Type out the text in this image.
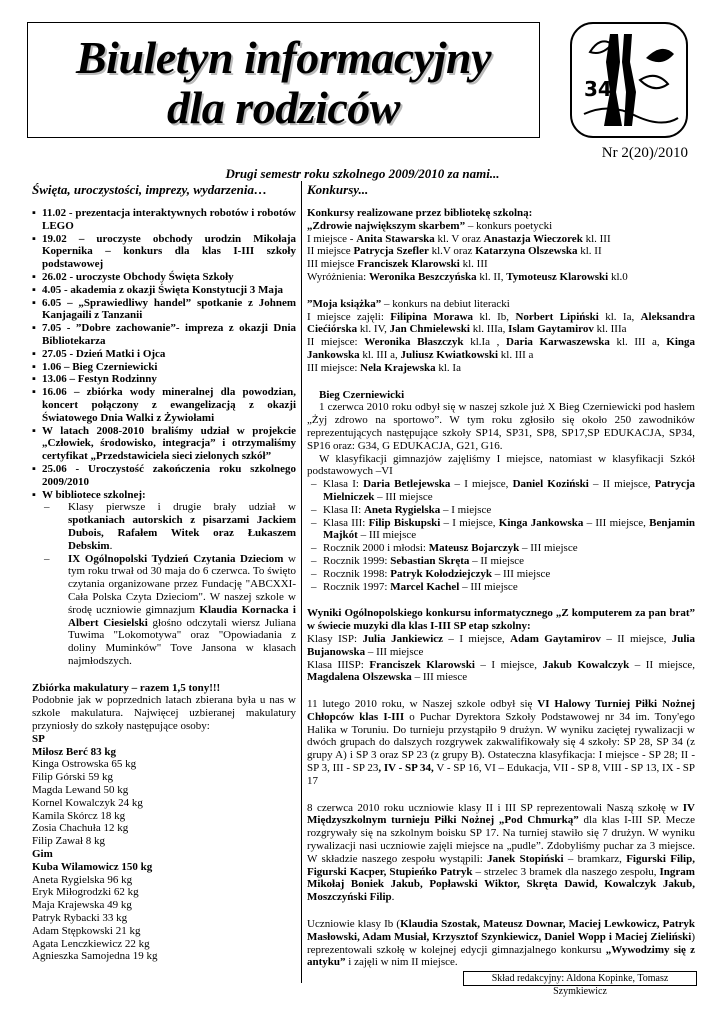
Biuletyn informacyjny
dla rodziców	34
Nr 2(20)/2010
Drugi semestr roku szkolnego 2009/2010 za nami...
Święta, uroczystości, imprezy, wydarzenia…	Konkursy...
▪ 11.02 - prezentacja interaktywnych robotów i robotów LEGO
▪ 19.02 – uroczyste obchody urodzin Mikołaja Kopernika – konkurs dla klas I-III szkoły podstawowej
▪ 26.02 - uroczyste Obchody Święta Szkoły
▪ 4.05 - akademia z okazji Święta Konstytucji 3 Maja
▪ 6.05 – „Sprawiedliwy handel” spotkanie z Johnem Kanjagaili z Tanzanii
▪ 7.05 - ”Dobre zachowanie”- impreza z okazji Dnia Bibliotekarza
▪ 27.05 - Dzień Matki i Ojca
▪ 1.06 – Bieg Czerniewicki
▪ 13.06 – Festyn Rodzinny
▪ 16.06 – zbiórka wody mineralnej dla powodzian, koncert połączony z ewangelizacją z okazji Światowego Dnia Walki z Żywiołami
▪ W latach 2008-2010 braliśmy udział w projekcie „Człowiek, środowisko, integracja” i otrzymaliśmy certyfikat „Przedstawiciela sieci zielonych szkół”
▪ 25.06 - Uroczystość zakończenia roku szkolnego 2009/2010
▪ W bibliotece szkolnej:
– Klasy pierwsze i drugie brały udział w spotkaniach autorskich z pisarzami Jackiem Dubois, Rafałem Witek oraz Łukaszem Debskim.
– IX Ogólnopolski Tydzień Czytania Dzieciom w tym roku trwał od 30 maja do 6 czerwca. To święto czytania organizowane przez Fundację "ABCXXI- Cała Polska Czyta Dzieciom". W naszej szkole w środę uczniowie gimnazjum Klaudia Kornacka i Albert Ciesielski głośno odczytali wiersz Juliana Tuwima "Lokomotywa" oraz "Opowiadania z doliny Muminków" Tove Jansona w klasach najmłodszych.

Zbiórka makulatury – razem 1,5 tony!!!

Podobnie jak w poprzednich latach zbierana była u nas w szkole makulatura. Najwięcej uzbieranej makulatury przyniosły do szkoły następujące osoby:

SP

Miłosz Berć 83 kg

Kinga Ostrowska 65 kg

Filip Górski 59 kg

Magda Lewand 50 kg

Kornel Kowalczyk 24 kg

Kamila Skórcz 18 kg

Zosia Chachuła 12 kg

Filip Zawał 8 kg

Gim

Kuba Wilamowicz 150 kg

Aneta Rygielska 96 kg

Eryk Miłogrodzki 62 kg

Maja Krajewska 49 kg

Patryk Rybacki 33 kg

Adam Stępkowski 21 kg

Agata Lenczkiewicz 22 kg

Agnieszka Samojedna 19 kg

Konkursy realizowane przez bibliotekę szkolną:

„Zdrowie największym skarbem” – konkurs poetycki

I miejsce - Anita Stawarska kl. V oraz Anastazja Wieczorek kl. III

II miejsce Patrycja Szefler kl.V oraz Katarzyna Olszewska kl. II

III miejsce Franciszek Klarowski kl. III

Wyróżnienia: Weronika Beszczyńska kl. II, Tymoteusz Klarowski kl.0

”Moja książka” – konkurs na debiut literacki

I miejsce zajęli: Filipina Morawa kl. Ib, Norbert Lipiński kl. Ia, Aleksandra Ciećiórska kl. IV, Jan Chmielewski kl. IIIa, Islam Gaytamirov kl. IIIa

II miejsce: Weronika Błaszczyk kl.Ia , Daria Karwaszewska kl. III a, Kinga Jankowska kl. III a, Juliusz Kwiatkowski kl. III a

III miejsce: Nela Krajewska kl. Ia

Bieg Czerniewicki

1 czerwca 2010 roku odbył się w naszej szkole już X Bieg Czerniewicki pod hasłem „Żyj zdrowo na sportowo”. W tym roku zgłosiło się około 250 zawodników reprezentujących następujące szkoły SP14, SP31, SP8, SP17,SP EDUKACJA, SP34, SP16 oraz: G34, G EDUKACJA, G21, G16.

W klasyfikacji gimnazjów zajęliśmy I miejsce, natomiast w klasyfikacji Szkół podstawowych –VI

– Klasa I: Daria Betlejewska – I miejsce, Daniel Koziński – II miejsce, Patrycja Mielniczek – III miejsce
– Klasa II: Aneta Rygielska – I miejsce
– Klasa III: Filip Biskupski – I miejsce, Kinga Jankowska – III miejsce, Benjamin Majkót – III miejsce
– Rocznik 2000 i młodsi: Mateusz Bojarczyk – III miejsce
– Rocznik 1999: Sebastian Skręta – II miejsce
– Rocznik 1998: Patryk Kołodziejczyk – III miejsce
– Rocznik 1997: Marcel Kachel – III miejsce

Wyniki Ogólnopolskiego konkursu informatycznego „Z komputerem za pan brat” w świecie muzyki dla klas I-III SP etap szkolny:

Klasy ISP: Julia Jankiewicz – I miejsce, Adam Gaytamirov – II miejsce, Julia Bujanowska – III miejsce

Klasa IIISP: Franciszek Klarowski – I miejsce, Jakub Kowalczyk – II miejsce, Magdalena Olszewska – III miesce

11 lutego 2010 roku, w Naszej szkole odbył się VI Halowy Turniej Piłki Nożnej Chłopców klas I-III o Puchar Dyrektora Szkoły Podstawowej nr 34 im. Tony'ego Halika w Toruniu. Do turnieju przystąpiło 9 drużyn. W wyniku zaciętej rywalizacji w dwóch grupach do dalszych rozgrywek zakwalifikowały się 4 szkoły: SP 28, SP 34 (z grupy A) i SP 3 oraz SP 23 (z grupy B). Ostateczna klasyfikacja: I miejsce - SP 28; II - SP 3, III - SP 23, IV - SP 34, V - SP 16, VI – Edukacja, VII - SP 8, VIII - SP 13, IX - SP 17

8 czerwca 2010 roku uczniowie klasy II i III SP reprezentowali Naszą szkołę w IV Międzyszkolnym turnieju Piłki Nożnej „Pod Chmurką” dla klas I-III SP. Mecze rozgrywały się na szkolnym boisku SP 17. Na turniej stawiło się 7 drużyn. W wyniku rywalizacji nasi uczniowie zajęli miejsce na „pudle”. Zdobyliśmy puchar za 3 miejsce. W składzie naszego zespołu wystąpili: Janek Stopiński – bramkarz, Figurski Filip, Figurski Kacper, Stupieńko Patryk – strzelec 3 bramek dla naszego zespołu, Ingram Mikołaj Boniek Jakub, Popławski Wiktor, Skręta Dawid, Kowalczyk Jakub, Moszczyński Filip.

Uczniowie klasy Ib (Klaudia Szostak, Mateusz Downar, Maciej Lewkowicz, Patryk Masłowski, Adam Musiał, Krzysztof Szynkiewicz, Daniel Wopp i Maciej Zieliński) reprezentowali szkołę w kolejnej edycji gimnazjalnego konkursu „Wywodzimy się z antyku” i zajęli w nim II miejsce.

Skład redakcyjny: Aldona Kopinke, Tomasz Szymkiewicz
